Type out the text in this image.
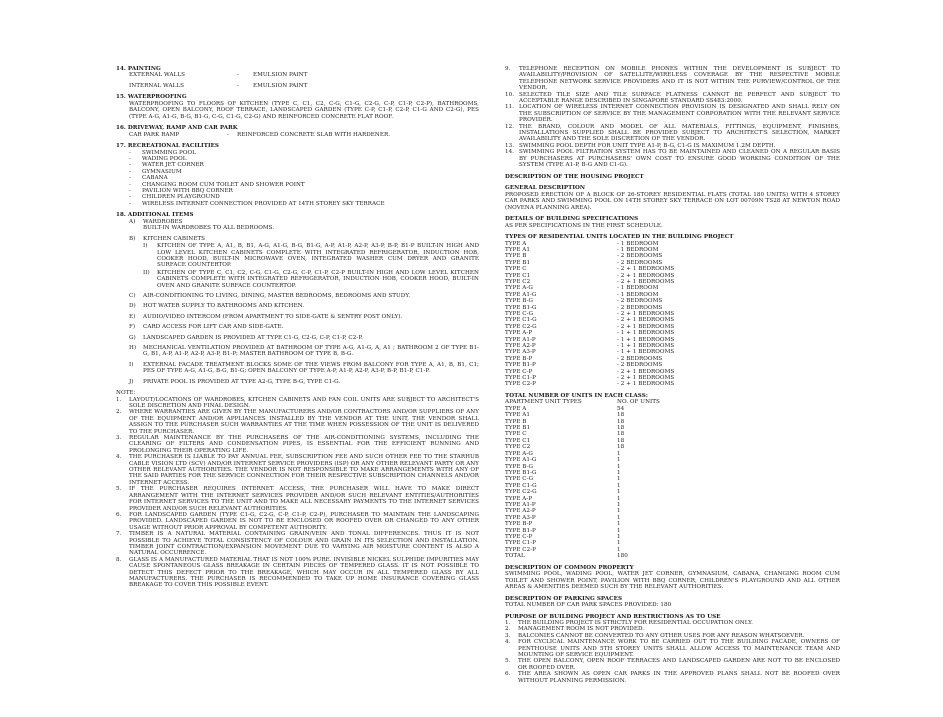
14. PAINTING
EXTERNAL WALLS	-	EMULSION PAINT
INTERNAL WALLS	-	EMULSION PAINT
15. WATERPROOFING
WATERPROOFING TO FLOORS OF KITCHEN (TYPE C, C1, C2, C-G, C1-G, C2-G, C-P, C1-P, C2-P), BATHROOMS, BALCONY, OPEN BALCONY, ROOF TERRACE, LANDSCAPED GARDEN (TYPE C-P, C1-P, C2-P, C1-G AND C2-G), PES (TYPE A-G, A1-G, B-G, B1-G, C-G, C1-G, C2-G) AND REINFORCED CONCRETE FLAT ROOF.
16. DRIVEWAY, RAMP AND CAR PARK
CAR PARK RAMP	-	REINFORCED CONCRETE SLAB WITH HARDENER.
17. RECREATIONAL FACILITIES
-	SWIMMING POOL
-	WADING POOL
-	WATER JET CORNER
-	GYMNASIUM
-	CABANA
-	CHANGING ROOM CUM TOILET AND SHOWER POINT
-	PAVILION WITH BBQ CORNER
-	CHILDREN PLAYGROUND
-	WIRELESS INTERNET CONNECTION PROVIDED AT 14TH STOREY SKY TERRACE
18. ADDITIONAL ITEMS
A)	WARDROBES
BUILT-IN WARDROBES TO ALL BEDROOMS.
B)	KITCHEN CABINETS
I)	KITCHEN OF TYPE A, A1, B, B1, A-G, A1-G, B-G, B1-G, A-P, A1-P, A2-P, A3-P, B-P, B1-P BUILT-IN HIGH AND LOW LEVEL KITCHEN CABINETS COMPLETE WITH INTEGRATED REFRIGERATOR, INDUCTION HOB, COOKER HOOD, BUILT-IN MICROWAVE OVEN, INTEGRATED WASHER CUM DRYER AND GRANITE SURFACE COUNTERTOP.
II)	KITCHEN OF TYPE C, C1, C2, C-G, C1-G, C2-G, C-P, C1-P, C2-P BUILT-IN HIGH AND LOW LEVEL KITCHEN CABINETS COMPLETE WITH INTEGRATED REFRIGERATOR, INDUCTION HOB, COOKER HOOD, BUILT-IN OVEN AND GRANITE SURFACE COUNTERTOP.
C)	AIR-CONDITIONING TO LIVING, DINING, MASTER BEDROOMS, BEDROOMS AND STUDY.
D)	HOT WATER SUPPLY TO BATHROOMS AND KITCHEN.
E)	AUDIO/VIDEO INTERCOM (FROM APARTMENT TO SIDE-GATE & SENTRY POST ONLY).
F)	CARD ACCESS FOR LIFT CAR AND SIDE-GATE.
G)	LANDSCAPED GARDEN IS PROVIDED AT TYPE C1-G, C2-G, C-P, C1-P, C2-P.
H)	MECHANICAL VENTILATION PROVIDED AT BATHROOM OF TYPE A-G, A1-G, A, A1 ; BATHROOM 2 OF TYPE B1-G, B1, A-P, A1-P, A2-P, A3-P, B1-P; MASTER BATHROOM OF TYPE B, B-G.
I)	EXTERNAL FACADE TREATMENT BLOCKS SOME OF THE VIEWS FROM BALCONY FOR TYPE A, A1, B, B1, C1; PES OF TYPE A-G, A1-G, B-G, B1-G; OPEN BALCONY OF TYPE A-P, A1-P, A2-P, A3-P, B-P, B1-P, C1-P.
J)	PRIVATE POOL IS PROVIDED AT TYPE A2-G, TYPE B-G, TYPE C1-G.
NOTE:
1.	LAYOUT/LOCATIONS OF WARDROBES, KITCHEN CABINETS AND FAN COIL UNITS ARE SUBJECT TO ARCHITECT'S SOLE DISCRETION AND FINAL DESIGN.
2.	WHERE WARRANTIES ARE GIVEN BY THE MANUFACTURERS AND/OR CONTRACTORS AND/OR SUPPLIERS OF ANY OF THE EQUIPMENT AND/OR APPLIANCES INSTALLED BY THE VENDOR AT THE UNIT, THE VENDOR SHALL ASSIGN TO THE PURCHASER SUCH WARRANTIES AT THE TIME WHEN POSSESSION OF THE UNIT IS DELIVERED TO THE PURCHASER.
3.	REGULAR MAINTENANCE BY THE PURCHASERS OF THE AIR-CONDITIONING SYSTEMS, INCLUDING THE CLEARING OF FILTERS AND CONDENSATION PIPES, IS ESSENTIAL FOR THE EFFICIENT RUNNING AND PROLONGING THEIR OPERATING LIFE.
4.	THE PURCHASER IS LIABLE TO PAY ANNUAL FEE, SUBSCRIPTION FEE AND SUCH OTHER FEE TO THE STARHUB CABLE VISION LTD (SCV) AND/OR INTERNET SERVICE PROVIDERS (ISP) OR ANY OTHER RELEVANT PARTY OR ANY OTHER RELEVANT AUTHORITIES. THE VENDOR IS NOT RESPONSIBLE TO MAKE ARRANGEMENTS WITH ANY OF THE SAID PARTIES FOR THE SERVICE CONNECTION FOR THEIR RESPECTIVE SUBSCRIPTION CHANNELS AND/OR INTERNET ACCESS.
5.	IF THE PURCHASER REQUIRES INTERNET ACCESS, THE PURCHASER WILL HAVE TO MAKE DIRECT ARRANGEMENT WITH THE INTERNET SERVICES PROVIDER AND/OR SUCH RELEVANT ENTITIES/AUTHORITIES FOR INTERNET SERVICES TO THE UNIT AND TO MAKE ALL NECESSARY PAYMENTS TO THE INTERNET SERVICES PROVIDER AND/OR SUCH RELEVANT AUTHORITIES.
6.	FOR LANDSCAPED GARDEN (TYPE C1-G, C2-G, C-P, C1-P, C2-P), PURCHASER TO MAINTAIN THE LANDSCAPING PROVIDED. LANDSCAPED GARDEN IS NOT TO BE ENCLOSED OR ROOFED OVER OR CHANGED TO ANY OTHER USAGE WITHOUT PRIOR APPROVAL BY COMPETENT AUTHORITY.
7.	TIMBER IS A NATURAL MATERIAL CONTAINING GRAIN/VEIN AND TONAL DIFFERENCES. THUS IT IS NOT POSSIBLE TO ACHIEVE TOTAL CONSISTENCY OF COLOUR AND GRAIN IN ITS SELECTION AND INSTALLATION. TIMBER JOINT CONTRACTION/EXPANSION MOVEMENT DUE TO VARYING AIR MOISTURE CONTENT IS ALSO A NATURAL OCCURRENCE.
8.	GLASS IS A MANUFACTURED MATERIAL THAT IS NOT 100% PURE. INVISIBLE NICKEL SULPHIDE IMPURITIES MAY CAUSE SPONTANEOUS GLASS BREAKAGE IN CERTAIN PIECES OF TEMPERED GLASS. IT IS NOT POSSIBLE TO DETECT THIS DEFECT PRIOR TO THE BREAKAGE, WHICH MAY OCCUR IN ALL TEMPERED GLASS BY ALL MANUFACTURERS. THE PURCHASER IS RECOMMENDED TO TAKE UP HOME INSURANCE COVERING GLASS BREAKAGE TO COVER THIS POSSIBLE EVENT.
9.	TELEPHONE RECEPTION ON MOBILE PHONES WITHIN THE DEVELOPMENT IS SUBJECT TO AVAILABILITY/PROVISION OF SATELLITE/WIRELESS COVERAGE BY THE RESPECTIVE MOBILE TELEPHONE NETWORK SERVICE PROVIDERS AND IT IS NOT WITHIN THE PURVIEW/CONTROL OF THE VENDOR.
10. SELECTED TILE SIZE AND TILE SURFACE FLATNESS CANNOT BE PERFECT AND SUBJECT TO ACCEPTABLE RANGE DESCRIBED IN SINGAPORE STANDARD SS483:2000.
11. LOCATION OF WIRELESS INTERNET CONNECTION PROVISION IS DESIGNATED AND SHALL RELY ON THE SUBSCRIPTION OF SERVICE BY THE MANAGEMENT CORPORATION WITH THE RELEVANT SERVICE PROVIDER.
12. THE BRAND, COLOUR AND MODEL OF ALL MATERIALS, FITTINGS, EQUIPMENT, FINISHES, INSTALLATIONS SUPPLIED SHALL BE PROVIDED SUBJECT TO ARCHITECT'S SELECTION, MARKET AVAILABILITY AND THE SOLE DISCRETION OF THE VENDOR.
13. SWIMMING POOL DEPTH FOR UNIT TYPE A1-P, B-G, C1-G IS MAXIMUM 1.2M DEPTH.
14. SWIMMING POOL FILTRATION SYSTEM HAS TO BE MAINTAINED AND CLEANED ON A REGULAR BASIS BY PURCHASERS AT PURCHASERS' OWN COST TO ENSURE GOOD WORKING CONDITION OF THE SYSTEM (TYPE A1-P, B-G AND C1-G).
DESCRIPTION OF THE HOUSING PROJECT
GENERAL DESCRIPTION
PROPOSED ERECTION OF A BLOCK OF 26-STOREY RESIDENTIAL FLATS (TOTAL 180 UNITS) WITH 4 STOREY CAR PARKS AND SWIMMING POOL ON 14TH STOREY SKY TERRACE ON LOT 00709N TS28 AT NEWTON ROAD (NOVENA PLANNING AREA).
DETAILS OF BUILDING SPECIFICATIONS
AS PER SPECIFICATIONS IN THE FIRST SCHEDULE.
TYPES OF RESIDENTIAL UNITS LOCATED IN THE BUILDING PROJECT
TYPE A	- 1 BEDROOM
TYPE A1	- 1 BEDROOM
TYPE B	- 2 BEDROOMS
TYPE B1	- 2 BEDROOMS
TYPE C	- 2 + 1 BEDROOMS
TYPE C1	- 2 + 1 BEDROOMS
TYPE C2	- 2 + 1 BEDROOMS
TYPE A-G	- 1 BEDROOM
TYPE A1-G	- 1 BEDROOM
TYPE B-G	- 2 BEDROOMS
TYPE B1-G	- 2 BEDROOMS
TYPE C-G	- 2 + 1 BEDROOMS
TYPE C1-G	- 2 + 1 BEDROOMS
TYPE C2-G	- 2 + 1 BEDROOMS
TYPE A-P	- 1 + 1 BEDROOMS
TYPE A1-P	- 1 + 1 BEDROOMS
TYPE A2-P	- 1 + 1 BEDROOMS
TYPE A3-P	- 1 + 1 BEDROOMS
TYPE B-P	- 2 BEDROOMS
TYPE B1-P	- 2 BEDROOMS
TYPE C-P	- 2 + 1 BEDROOMS
TYPE C1-P	- 2 + 1 BEDROOMS
TYPE C2-P	- 2 + 1 BEDROOMS
TOTAL NUMBER OF UNITS IN EACH CLASS:
APARTMENT UNIT TYPES	NO. OF UNITS
TYPE A	54
TYPE A1	18
TYPE B	18
TYPE B1	18
TYPE C	18
TYPE C1	18
TYPE C2	18
TYPE A-G	1
TYPE A1-G	1
TYPE B-G	1
TYPE B1-G	1
TYPE C-G	1
TYPE C1-G	1
TYPE C2-G	1
TYPE A-P	1
TYPE A1-P	1
TYPE A2-P	1
TYPE A3-P	1
TYPE B-P	1
TYPE B1-P	1
TYPE C-P	1
TYPE C1-P	1
TYPE C2-P	1
TOTAL	180
DESCRIPTION OF COMMON PROPERTY
SWIMMING POOL, WADING POOL, WATER JET CORNER, GYMNASIUM, CABANA, CHANGING ROOM CUM TOILET AND SHOWER POINT, PAVILION WITH BBQ CORNER, CHILDREN'S PLAYGROUND AND ALL OTHER AREAS & AMENITIES DEEMED SUCH BY THE RELEVANT AUTHORITIES.
DESCRIPTION OF PARKING SPACES
TOTAL NUMBER OF CAR PARK SPACES PROVIDED: 180
PURPOSE OF BUILDING PROJECT AND RESTRICTIONS AS TO USE
1.	THE BUILDING PROJECT IS STRICTLY FOR RESIDENTIAL OCCUPATION ONLY.
2.	MANAGEMENT ROOM IS NOT PROVIDED.
3.	BALCONIES CANNOT BE CONVERTED TO ANY OTHER USES FOR ANY REASON WHATSOEVER.
4.	FOR CYCLICAL MAINTENANCE WORK TO BE CARRIED OUT TO THE BUILDING FACADE, OWNERS OF PENTHOUSE UNITS AND 5TH STOREY UNITS SHALL ALLOW ACCESS TO MAINTENANCE TEAM AND MOUNTING OF SERVICE EQUIPMENT.
5.	THE OPEN BALCONY, OPEN ROOF TERRACES AND LANDSCAPED GARDEN ARE NOT TO BE ENCLOSED OR ROOFED OVER.
6.	THE AREA SHOWN AS OPEN CAR PARKS IN THE APPROVED PLANS SHALL NOT BE ROOFED OVER WITHOUT PLANNING PERMISSION.
